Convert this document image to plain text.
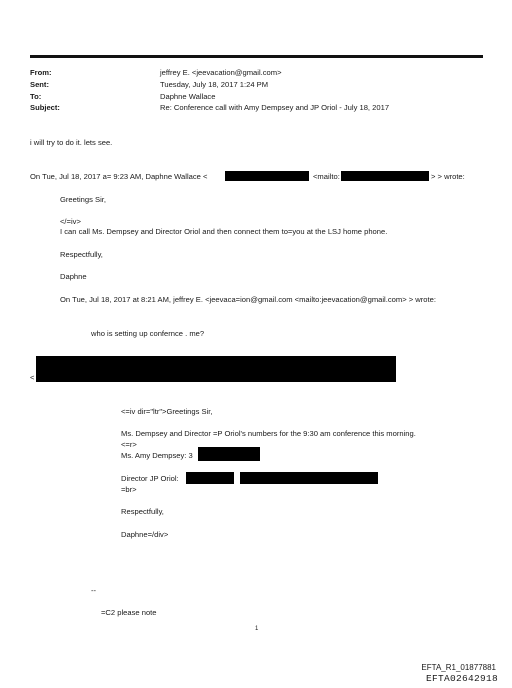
From:	jeffrey E. <jeevacation@gmail.com>
Sent:	Tuesday, July 18, 2017 1:24 PM
To:	Daphne Wallace
Subject:	Re: Conference call with Amy Dempsey and JP Oriol - July 18, 2017
i will try to do it. lets see.
On Tue, Jul 18, 2017 a= 9:23 AM, Daphne Wallace <	<mailto:	> > wrote:
Greetings Sir,
</=iv>
I can call Ms. Dempsey and Director Oriol and then connect them to=you at the LSJ home phone.
Respectfully,
Daphne
On Tue, Jul 18, 2017 at 8:21 AM, jeffrey E. <jeevaca=ion@gmail.com <mailto:jeevacation@gmail.com> > wrote:
who is setting up confernce . me?
<
<=iv dir="ltr">Greetings Sir,
Ms. Dempsey and Director =P Oriol's numbers for the 9:30 am conference this morning.
<=r>
Ms. Amy Dempsey: 3
Director JP Oriol:
=br>
Respectfully,
Daphne=/div>
--
=C2 please note
1
EFTA_R1_01877881
EFTA02642918
